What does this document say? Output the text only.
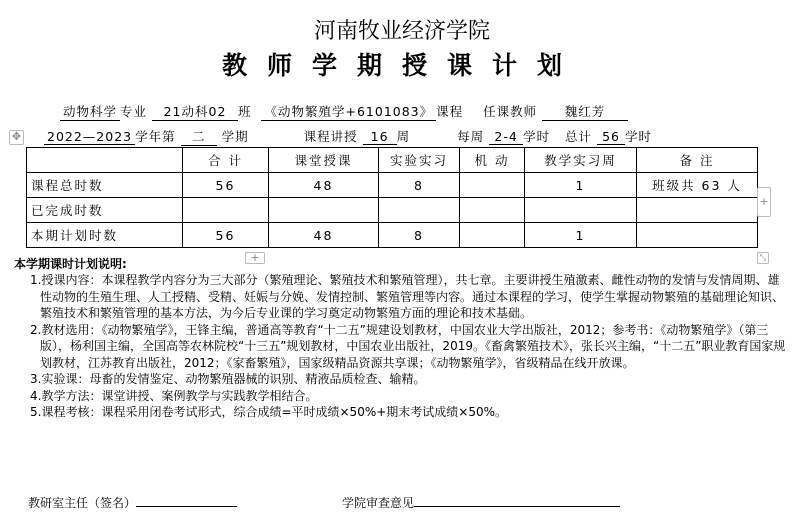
河南牧业经济学院
教师学期授课计划
动物科学 专业 21动科02 班 《动物繁殖学+6101083》 课程 任课教师 魏红芳
✥ 2022—2023 学年第 二 学期	课程讲授 16 周	每周 2-4 学时 总计 56 学时
	合 计	课堂授课	实验实习	机 动	教学实习周	备 注
课程总时数	56	48	8		1	班级共 63 人
已完成时数						
本期计划时数	56	48	8		1	
+
+	⤡
本学期课时计划说明:

1.授课内容：本课程教学内容分为三大部分（繁殖理论、繁殖技术和繁殖管理），共七章。主要讲授生殖激素、雌性动物的发情与发情周期、雄性动物的生殖生理、人工授精、受精、妊娠与分娩、发情控制、繁殖管理等内容。通过本课程的学习，使学生掌握动物繁殖的基础理论知识、繁殖技术和繁殖管理的基本方法，为今后专业课的学习奠定动物繁殖方面的理论和技术基础。

2.教材选用：《动物繁殖学》，王锋主编，普通高等教育“十二五”规建设划教材，中国农业大学出版社，2012；参考书：《动物繁殖学》（第三版），杨利国主编，全国高等农林院校“十三五”规划教材，中国农业出版社，2019。《畜禽繁殖技术》，张长兴主编，“十二五”职业教育国家规划教材，江苏教育出版社，2012；《家畜繁殖》，国家级精品资源共享课；《动物繁殖学》，省级精品在线开放课。

3.实验课：母畜的发情鉴定、动物繁殖器械的识别、精液品质检查、输精。

4.教学方法：课堂讲授、案例教学与实践教学相结合。

5.课程考核：课程采用闭卷考试形式，综合成绩=平时成绩×50%+期末考试成绩×50%。

教研室主任（签名）	学院审查意见
